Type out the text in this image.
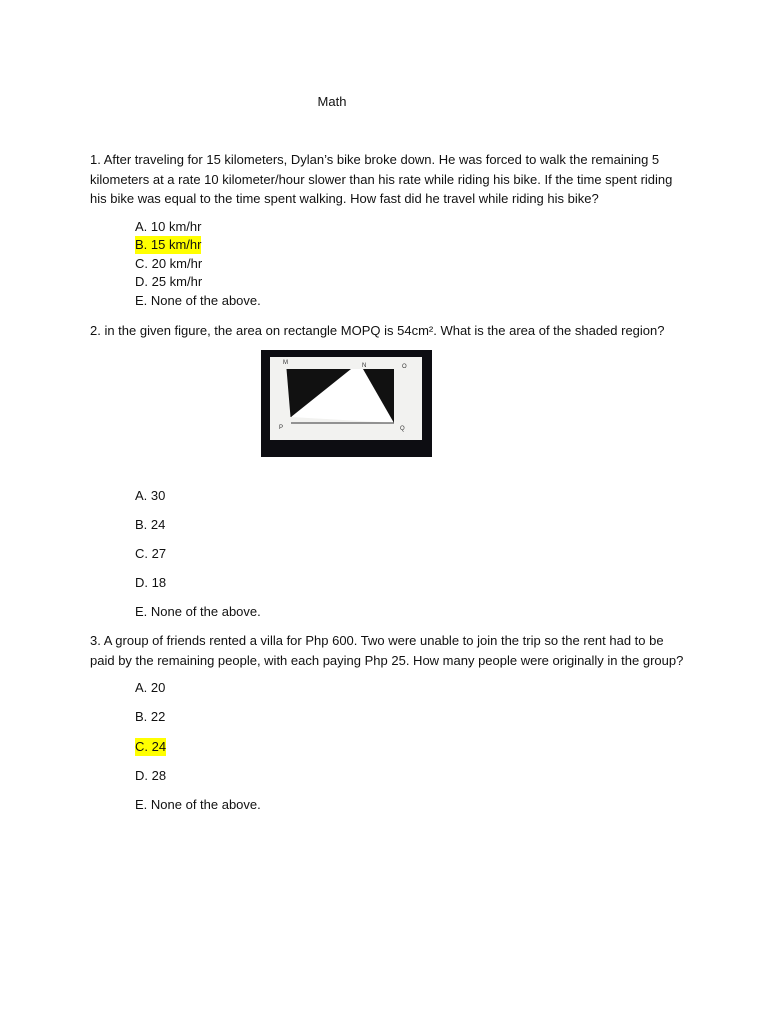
Math
1. After traveling for 15 kilometers, Dylan’s bike broke down. He was forced to walk the remaining 5 kilometers at a rate 10 kilometer/hour slower than his rate while riding his bike. If the time spent riding his bike was equal to the time spent walking. How fast did he travel while riding his bike?
A. 10 km/hr
B. 15 km/hr
C. 20 km/hr
D. 25 km/hr
E. None of the above.
2. in the given figure, the area on rectangle MOPQ is 54cm². What is the area of the shaded region?
M	N	O
P	Q
A. 30
B. 24
C. 27
D. 18
E. None of the above.
3. A group of friends rented a villa for Php 600. Two were unable to join the trip so the rent had to be paid by the remaining people, with each paying Php 25. How many people were originally in the group?
A. 20
B. 22
C. 24
D. 28
E. None of the above.
